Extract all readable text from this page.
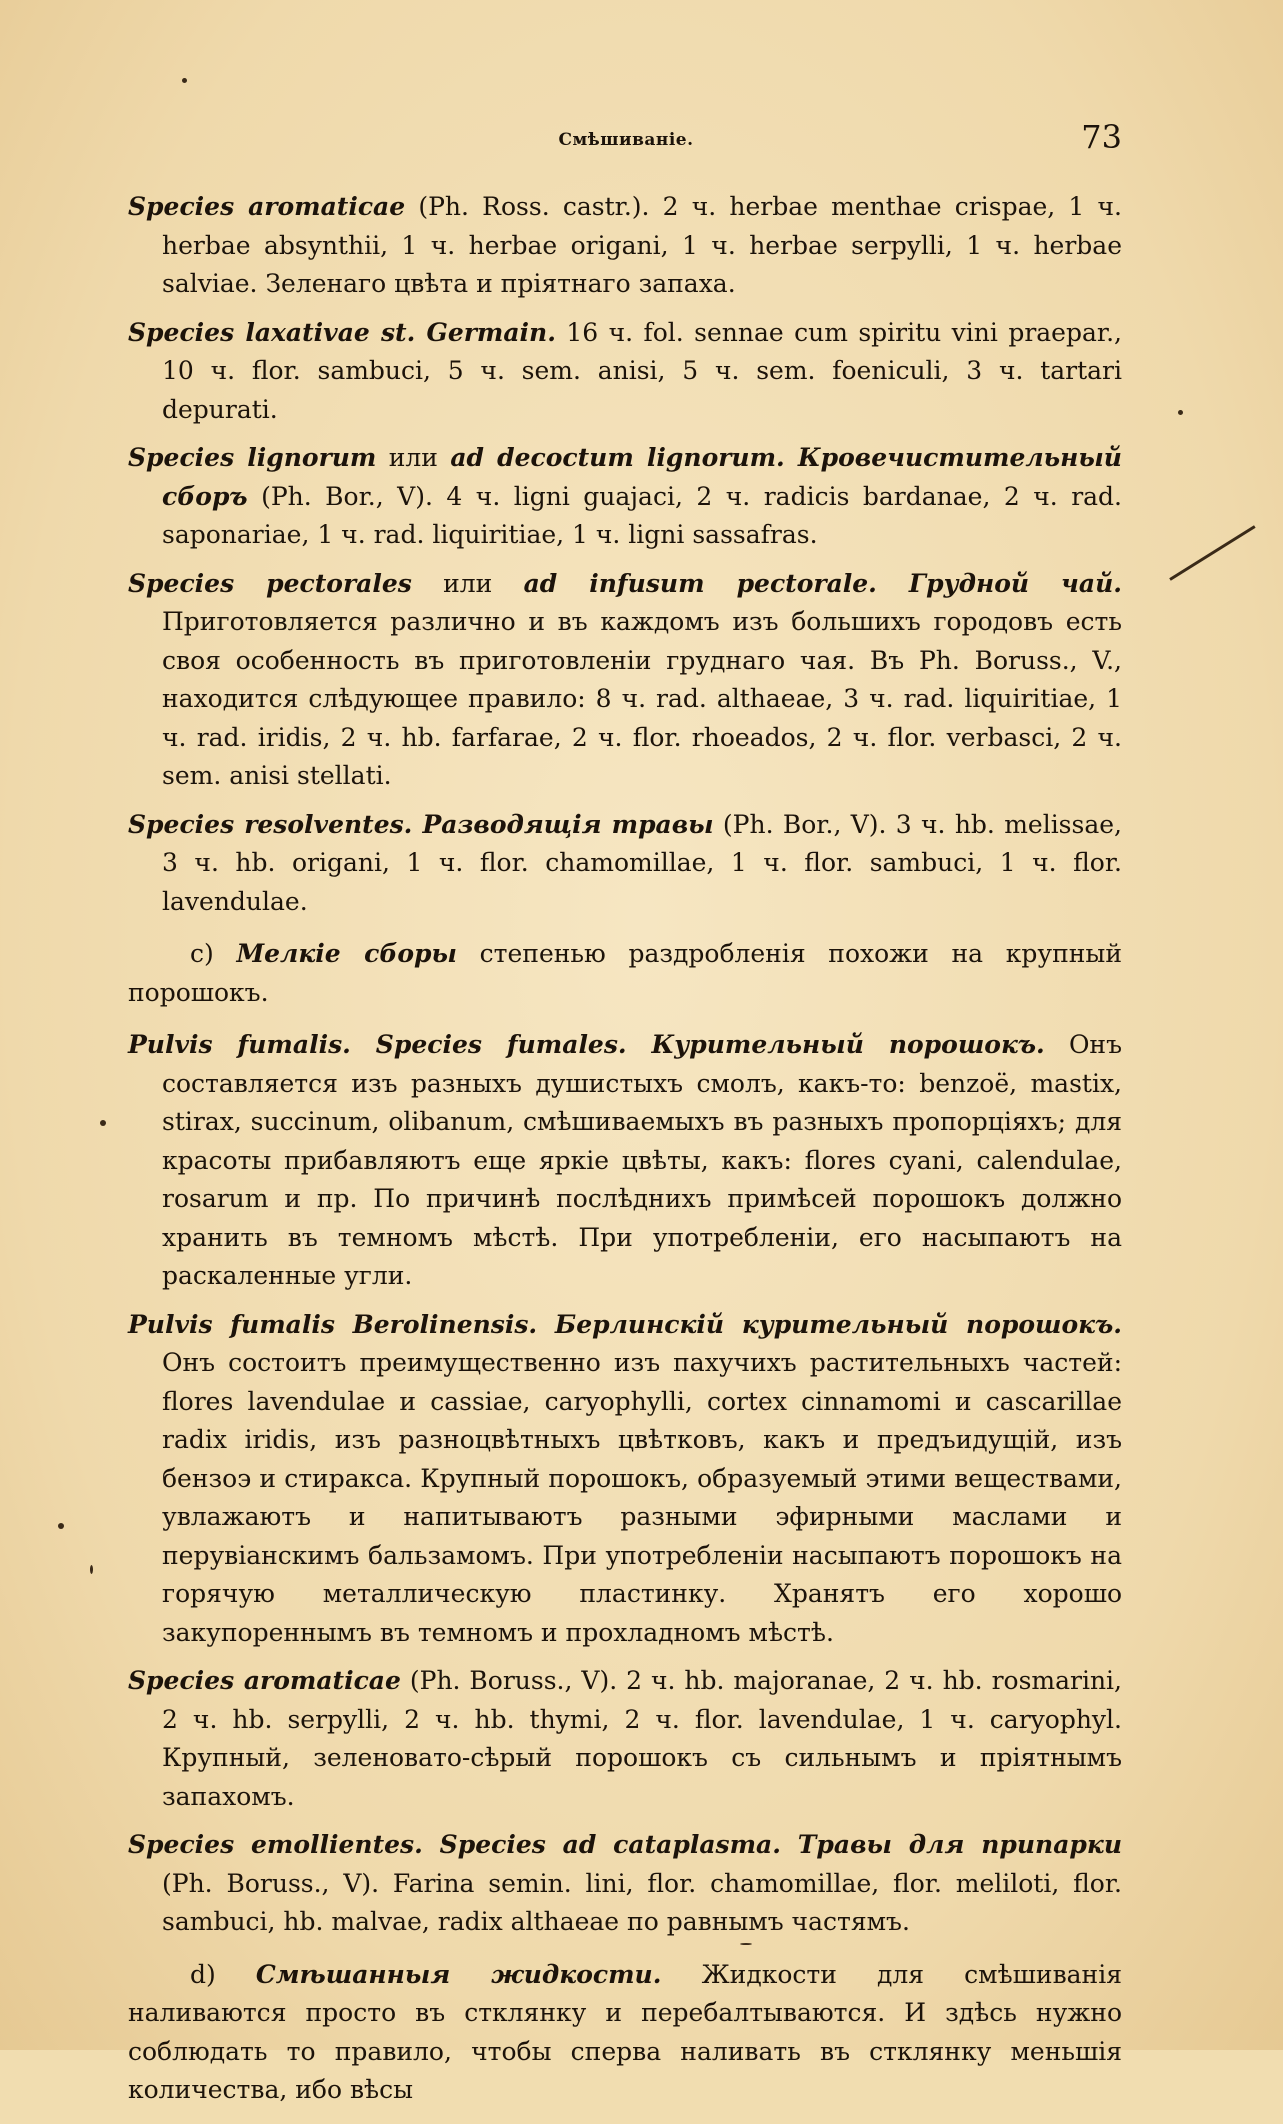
Смѣшиваніе.	73

Species aromaticae (Ph. Ross. castr.). 2 ч. herbae menthae crispae, 1 ч. herbae absynthii, 1 ч. herbae origani, 1 ч. herbae serpylli, 1 ч. herbae salviae. Зеленаго цвѣта и пріятнаго запаха.

Species laxativae st. Germain. 16 ч. fol. sennae cum spiritu vini praepar., 10 ч. flor. sambuci, 5 ч. sem. anisi, 5 ч. sem. foeniculi, 3 ч. tartari depurati.

Species lignorum или ad decoctum lignorum. Кровечистительный сборъ (Ph. Bor., V). 4 ч. ligni guajaci, 2 ч. radicis bardanae, 2 ч. rad. saponariae, 1 ч. rad. liquiritiae, 1 ч. ligni sassafras.

Species pectorales или ad infusum pectorale. Грудной чай. Приготовляется различно и въ каждомъ изъ большихъ городовъ есть своя особенность въ приготовленіи груднаго чая. Въ Ph. Boruss., V., находится слѣдующее правило: 8 ч. rad. althaeae, 3 ч. rad. liquiritiae, 1 ч. rad. iridis, 2 ч. hb. farfarae, 2 ч. flor. rhoeados, 2 ч. flor. verbasci, 2 ч. sem. anisi stellati.

Species resolventes. Разводящія травы (Ph. Bor., V). 3 ч. hb. melissae, 3 ч. hb. origani, 1 ч. flor. chamomillae, 1 ч. flor. sambuci, 1 ч. flor. lavendulae.

c) Мелкіе сборы степенью раздробленія похожи на крупный порошокъ.

Pulvis fumalis. Species fumales. Курительный порошокъ. Онъ составляется изъ разныхъ душистыхъ смолъ, какъ-то: benzoë, mastix, stirax, succinum, olibanum, смѣшиваемыхъ въ разныхъ пропорціяхъ; для красоты прибавляютъ еще яркіе цвѣты, какъ: flores cyani, calendulae, rosarum и пр. По причинѣ послѣднихъ примѣсей порошокъ должно хранить въ темномъ мѣстѣ. При употребленіи, его насыпаютъ на раскаленные угли.

Pulvis fumalis Berolinensis. Берлинскій курительный порошокъ. Онъ состоитъ преимущественно изъ пахучихъ растительныхъ частей: flores lavendulae и cassiae, caryophylli, cortex cinnamomi и cascarillae radix iridis, изъ разноцвѣтныхъ цвѣтковъ, какъ и предъидущій, изъ бензоэ и стиракса. Крупный порошокъ, образуемый этими веществами, увлажаютъ и напитываютъ разными эфирными маслами и перувіанскимъ бальзамомъ. При употребленіи насыпаютъ порошокъ на горячую металлическую пластинку. Хранятъ его хорошо закупореннымъ въ темномъ и прохладномъ мѣстѣ.

Species aromaticae (Ph. Boruss., V). 2 ч. hb. majoranae, 2 ч. hb. rosmarini, 2 ч. hb. serpylli, 2 ч. hb. thymi, 2 ч. flor. lavendulae, 1 ч. caryophyl. Крупный, зеленовато-сѣрый порошокъ съ сильнымъ и пріятнымъ запахомъ.

Species emollientes. Species ad cataplasma. Травы для припарки (Ph. Boruss., V). Farina semin. lini, flor. chamomillae, flor. meliloti, flor. sambuci, hb. malvae, radix althaeae по равнымъ частямъ.

d) Смѣшанныя жидкости. Жидкости для смѣшиванія наливаются просто въ стклянку и перебалтываются. И здѣсь нужно соблюдать то правило, чтобы сперва наливать въ стклянку меньшія количества, ибо вѣсы
